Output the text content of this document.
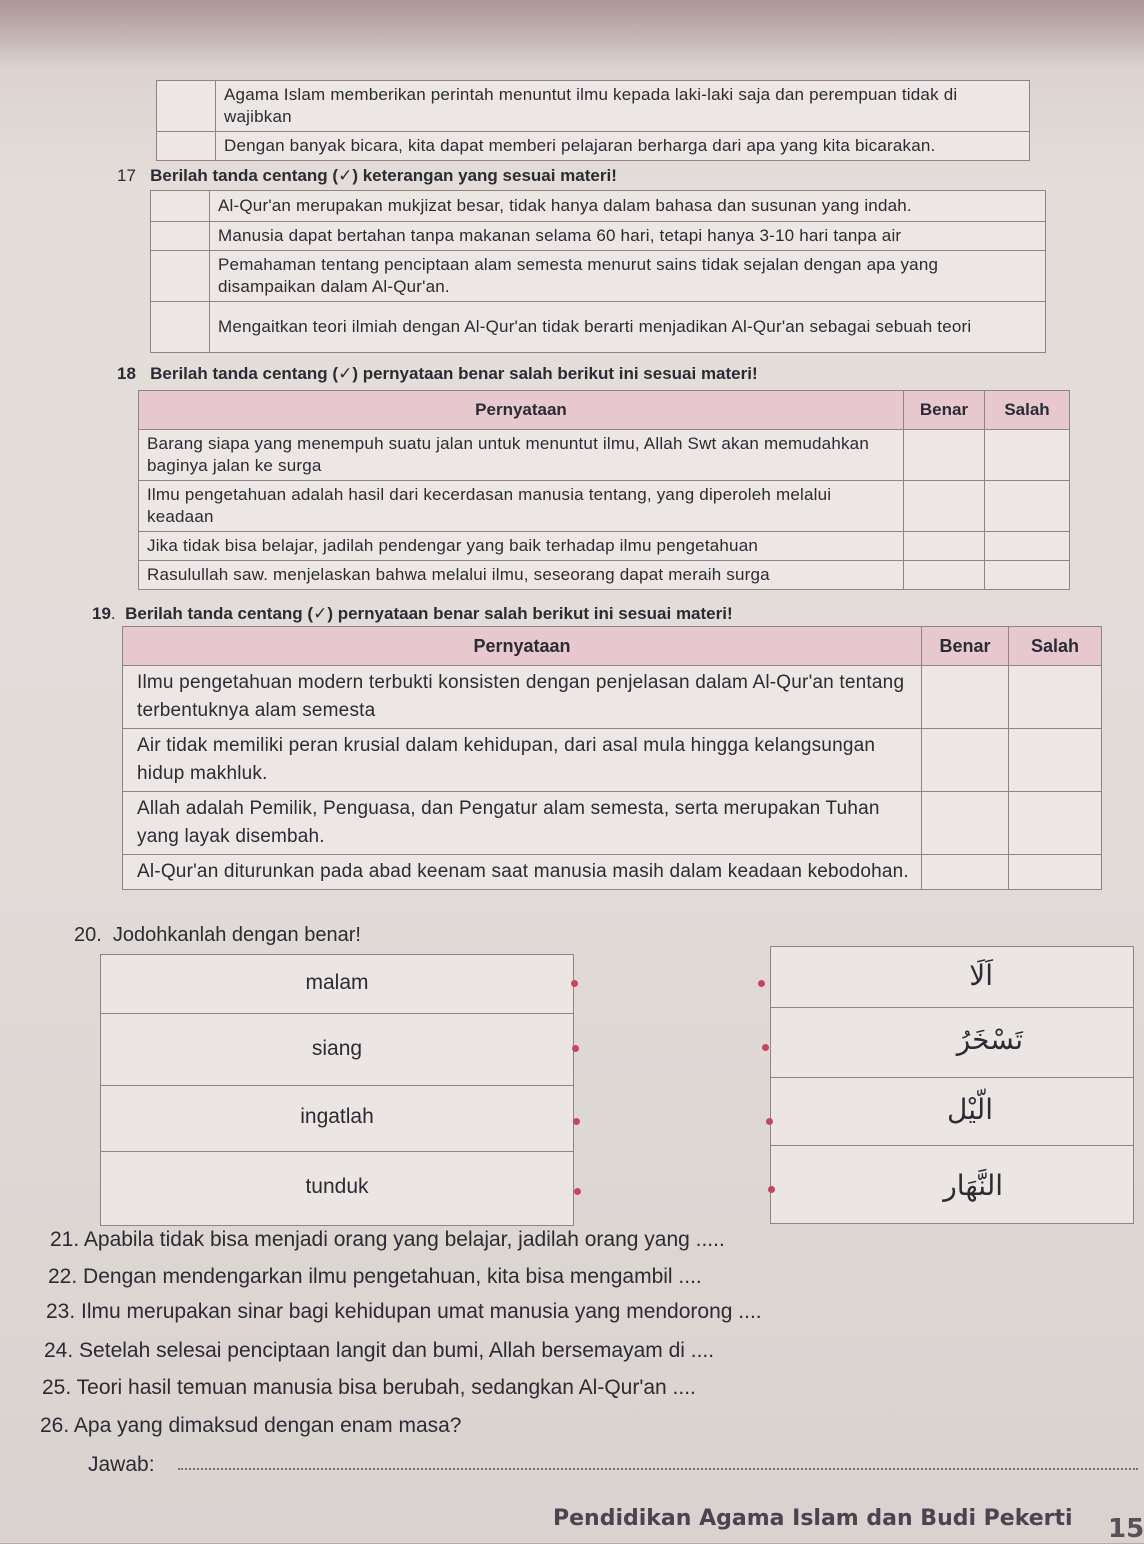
	Agama Islam memberikan perintah menuntut ilmu kepada laki-laki saja dan perempuan tidak di wajibkan
	Dengan banyak bicara, kita dapat memberi pelajaran berharga dari apa yang kita bicarakan.
17 Berilah tanda centang (✓) keterangan yang sesuai materi!
	Al-Qur'an merupakan mukjizat besar, tidak hanya dalam bahasa dan susunan yang indah.
	Manusia dapat bertahan tanpa makanan selama 60 hari, tetapi hanya 3-10 hari tanpa air
	Pemahaman tentang penciptaan alam semesta menurut sains tidak sejalan dengan apa yang disampaikan dalam Al-Qur'an.
	Mengaitkan teori ilmiah dengan Al-Qur'an tidak berarti menjadikan Al-Qur'an sebagai sebuah teori
18 Berilah tanda centang (✓) pernyataan benar salah berikut ini sesuai materi!
Pernyataan	Benar	Salah
Barang siapa yang menempuh suatu jalan untuk menuntut ilmu, Allah Swt akan memudahkan baginya jalan ke surga		
Ilmu pengetahuan adalah hasil dari kecerdasan manusia tentang, yang diperoleh melalui keadaan		
Jika tidak bisa belajar, jadilah pendengar yang baik terhadap ilmu pengetahuan		
Rasulullah saw. menjelaskan bahwa melalui ilmu, seseorang dapat meraih surga		
19.  Berilah tanda centang (✓) pernyataan benar salah berikut ini sesuai materi!
Pernyataan	Benar	Salah
Ilmu pengetahuan modern terbukti konsisten dengan penjelasan dalam Al-Qur'an tentang terbentuknya alam semesta		
Air tidak memiliki peran krusial dalam kehidupan, dari asal mula hingga kelangsungan hidup makhluk.		
Allah adalah Pemilik, Penguasa, dan Pengatur alam semesta, serta merupakan Tuhan yang layak disembah.		
Al-Qur'an diturunkan pada abad keenam saat manusia masih dalam keadaan kebodohan.		
20.  Jodohkanlah dengan benar!
malam
siang
ingatlah
tunduk
اَلَا
تَسْخَرُ
الّيْل
النَّهَار
21. Apabila tidak bisa menjadi orang yang belajar, jadilah orang yang .....
22. Dengan mendengarkan ilmu pengetahuan, kita bisa mengambil ....
23. Ilmu merupakan sinar bagi kehidupan umat manusia yang mendorong ....
24. Setelah selesai penciptaan langit dan bumi, Allah bersemayam di ....
25. Teori hasil temuan manusia bisa berubah, sedangkan Al-Qur'an ....
26. Apa yang dimaksud dengan enam masa?
Jawab:
Pendidikan Agama Islam dan Budi Pekerti 15
